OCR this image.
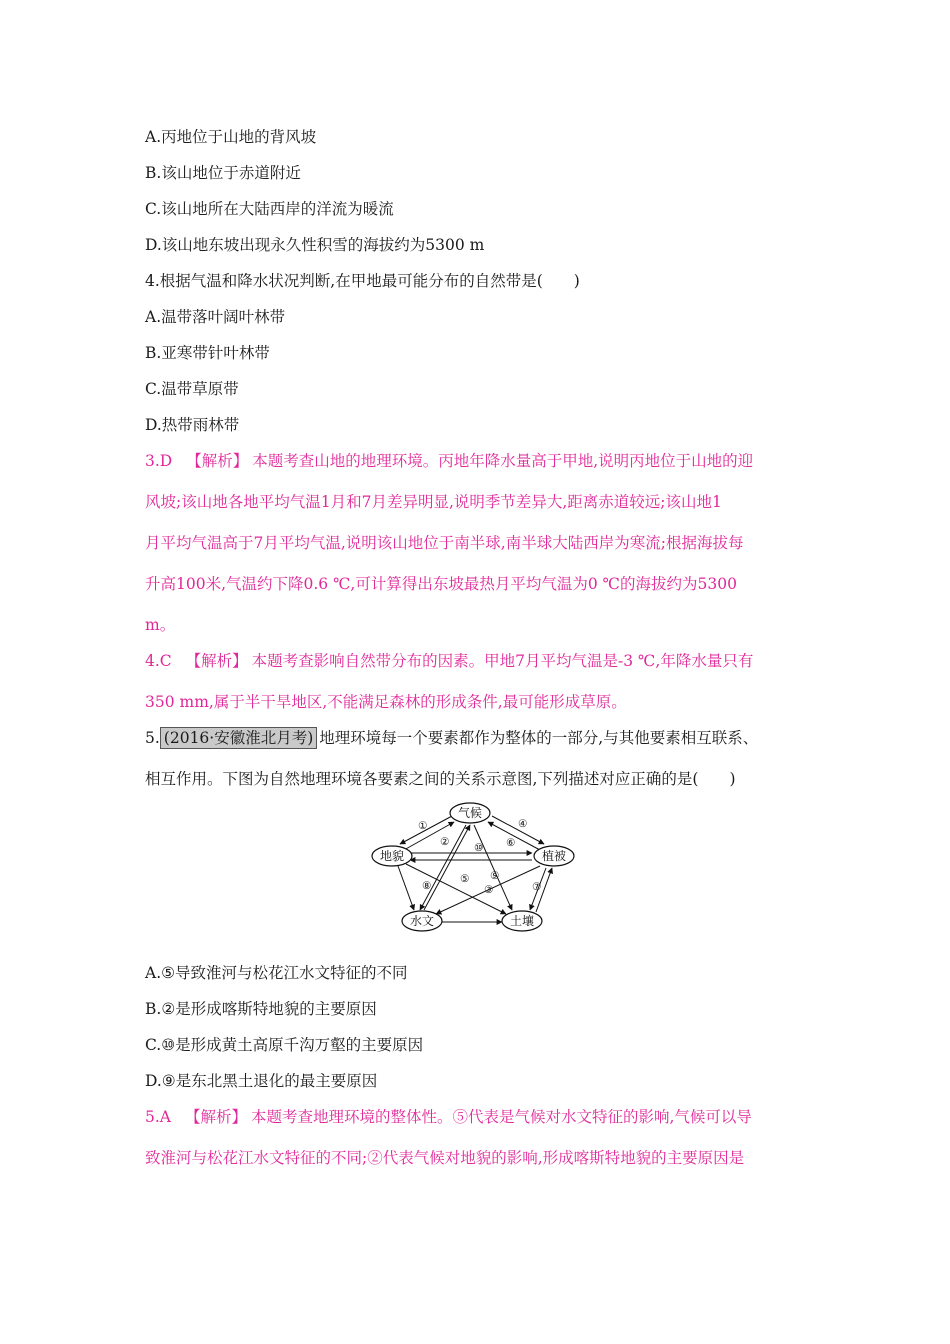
A.丙地位于山地的背风坡
B.该山地位于赤道附近
C.该山地所在大陆西岸的洋流为暖流
D.该山地东坡出现永久性积雪的海拔约为5300 m
4.根据气温和降水状况判断,在甲地最可能分布的自然带是(　　)
A.温带落叶阔叶林带
B.亚寒带针叶林带
C.温带草原带
D.热带雨林带
3.D 【解析】 本题考查山地的地理环境。丙地年降水量高于甲地,说明丙地位于山地的迎
风坡;该山地各地平均气温1月和7月差异明显,说明季节差异大,距离赤道较远;该山地1
月平均气温高于7月平均气温,说明该山地位于南半球,南半球大陆西岸为寒流;根据海拔每
升高100米,气温约下降0.6 ℃,可计算得出东坡最热月平均气温为0 ℃的海拔约为5300
m。
4.C 【解析】 本题考查影响自然带分布的因素。甲地7月平均气温是-3 ℃,年降水量只有
350 mm,属于半干旱地区,不能满足森林的形成条件,最可能形成草原。
5. (2016·安徽淮北月考) 地理环境每一个要素都作为整体的一部分,与其他要素相互联系、
相互作用。下图为自然地理环境各要素之间的关系示意图,下列描述对应正确的是(　　)
气候
地貌	植被
水文	土壤
①
②
③
④
⑤
⑥
⑦
⑧
⑨
⑩
A.⑤导致淮河与松花江水文特征的不同
B.②是形成喀斯特地貌的主要原因
C.⑩是形成黄土高原千沟万壑的主要原因
D.⑨是东北黑土退化的最主要原因
5.A 【解析】 本题考查地理环境的整体性。⑤代表是气候对水文特征的影响,气候可以导
致淮河与松花江水文特征的不同;②代表气候对地貌的影响,形成喀斯特地貌的主要原因是
